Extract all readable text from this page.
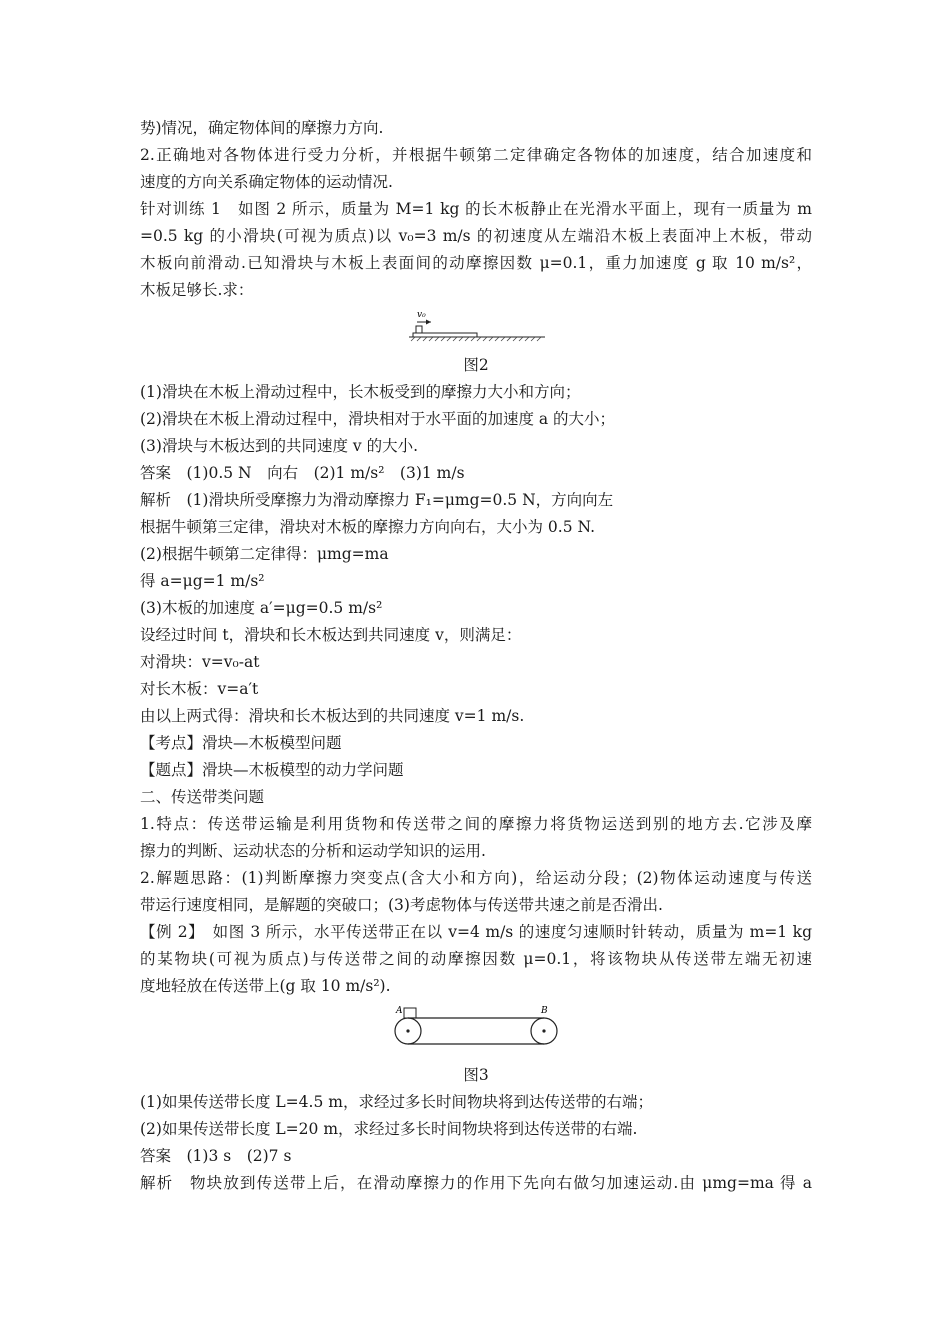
势)情况，确定物体间的摩擦力方向.
2.正确地对各物体进行受力分析，并根据牛顿第二定律确定各物体的加速度，结合加速度和
速度的方向关系确定物体的运动情况.
针对训练 1　如图 2 所示，质量为 M=1 kg 的长木板静止在光滑水平面上，现有一质量为 m
=0.5 kg 的小滑块(可视为质点)以 v₀=3 m/s 的初速度从左端沿木板上表面冲上木板，带动
木板向前滑动.已知滑块与木板上表面间的动摩擦因数 μ=0.1，重力加速度 g 取 10 m/s²，
木板足够长.求：
v₀
图2
(1)滑块在木板上滑动过程中，长木板受到的摩擦力大小和方向；
(2)滑块在木板上滑动过程中，滑块相对于水平面的加速度 a 的大小；
(3)滑块与木板达到的共同速度 v 的大小.
答案　(1)0.5 N　向右　(2)1 m/s²　(3)1 m/s
解析　(1)滑块所受摩擦力为滑动摩擦力 F₁=μmg=0.5 N，方向向左
根据牛顿第三定律，滑块对木板的摩擦力方向向右，大小为 0.5 N.
(2)根据牛顿第二定律得：μmg=ma
得 a=μg=1 m/s²
(3)木板的加速度 a′=μg=0.5 m/s²
设经过时间 t，滑块和长木板达到共同速度 v，则满足：
对滑块：v=v₀-at
对长木板：v=a′t
由以上两式得：滑块和长木板达到的共同速度 v=1 m/s.
【考点】滑块—木板模型问题
【题点】滑块—木板模型的动力学问题
二、传送带类问题
1.特点：传送带运输是利用货物和传送带之间的摩擦力将货物运送到别的地方去.它涉及摩
擦力的判断、运动状态的分析和运动学知识的运用.
2.解题思路：(1)判断摩擦力突变点(含大小和方向)，给运动分段；(2)物体运动速度与传送
带运行速度相同，是解题的突破口；(3)考虑物体与传送带共速之前是否滑出.
【例 2】　如图 3 所示，水平传送带正在以 v=4 m/s 的速度匀速顺时针转动，质量为 m=1 kg
的某物块(可视为质点)与传送带之间的动摩擦因数 μ=0.1，将该物块从传送带左端无初速
度地轻放在传送带上(g 取 10 m/s²).
A	B
图3
(1)如果传送带长度 L=4.5 m，求经过多长时间物块将到达传送带的右端；
(2)如果传送带长度 L=20 m，求经过多长时间物块将到达传送带的右端.
答案　(1)3 s　(2)7 s
解析　物块放到传送带上后，在滑动摩擦力的作用下先向右做匀加速运动.由 μmg=ma 得 a
